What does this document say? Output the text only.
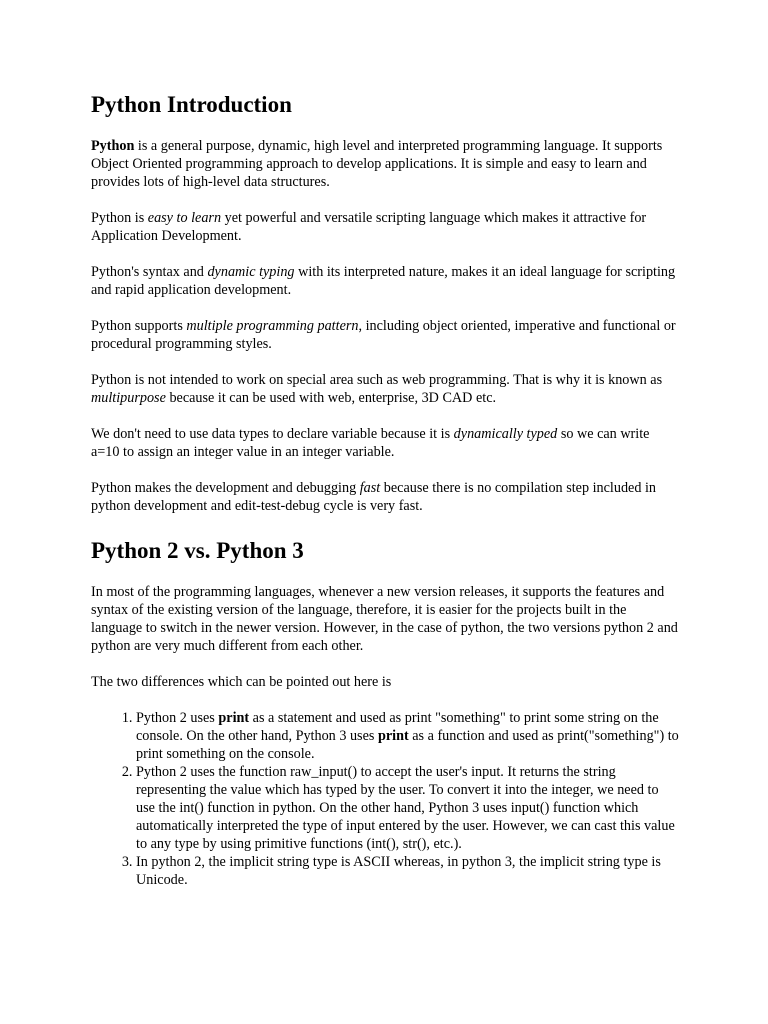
Python Introduction

Python is a general purpose, dynamic, high level and interpreted programming language. It supports Object Oriented programming approach to develop applications. It is simple and easy to learn and provides lots of high-level data structures.

Python is easy to learn yet powerful and versatile scripting language which makes it attractive for Application Development.

Python's syntax and dynamic typing with its interpreted nature, makes it an ideal language for scripting and rapid application development.

Python supports multiple programming pattern, including object oriented, imperative and functional or procedural programming styles.

Python is not intended to work on special area such as web programming. That is why it is known as multipurpose because it can be used with web, enterprise, 3D CAD etc.

We don't need to use data types to declare variable because it is dynamically typed so we can write a=10 to assign an integer value in an integer variable.

Python makes the development and debugging fast because there is no compilation step included in python development and edit-test-debug cycle is very fast.

Python 2 vs. Python 3

In most of the programming languages, whenever a new version releases, it supports the features and syntax of the existing version of the language, therefore, it is easier for the projects built in the language to switch in the newer version. However, in the case of python, the two versions python 2 and python are very much different from each other.

The two differences which can be pointed out here is

1. Python 2 uses print as a statement and used as print "something" to print some string on the console. On the other hand, Python 3 uses print as a function and used as print("something") to print something on the console.
2. Python 2 uses the function raw_input() to accept the user's input. It returns the string representing the value which has typed by the user. To convert it into the integer, we need to use the int() function in python. On the other hand, Python 3 uses input() function which automatically interpreted the type of input entered by the user. However, we can cast this value to any type by using primitive functions (int(), str(), etc.).
3. In python 2, the implicit string type is ASCII whereas, in python 3, the implicit string type is Unicode.
